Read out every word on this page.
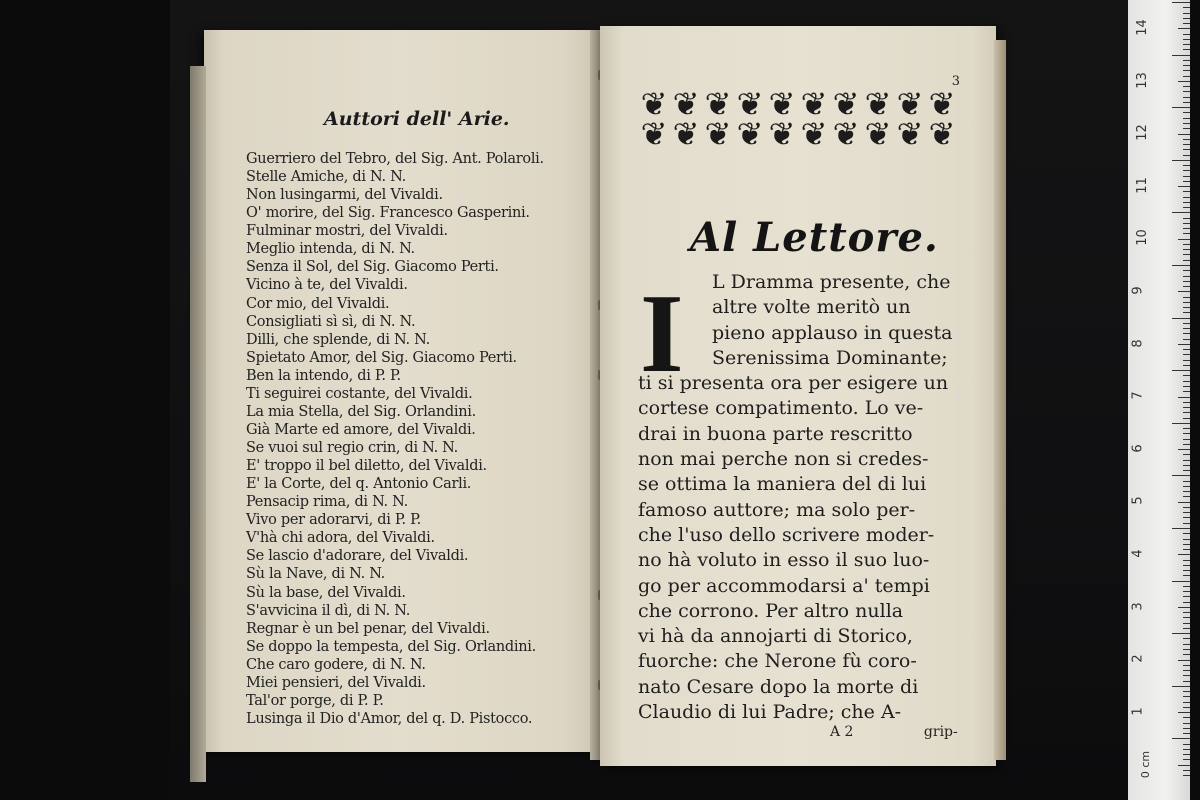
Auttori dell' Arie.
Guerriero del Tebro, del Sig. Ant. Polaroli.
Stelle Amiche, di N. N.
Non lusingarmi, del Vivaldi.
O' morire, del Sig. Francesco Gasperini.
Fulminar mostri, del Vivaldi.
Meglio intenda, di N. N.
Senza il Sol, del Sig. Giacomo Perti.
Vicino à te, del Vivaldi.
Cor mio, del Vivaldi.
Consigliati sì sì, di N. N.
Dilli, che splende, di N. N.
Spietato Amor, del Sig. Giacomo Perti.
Ben la intendo, di P. P.
Ti seguirei costante, del Vivaldi.
La mia Stella, del Sig. Orlandini.
Già Marte ed amore, del Vivaldi.
Se vuoi sul regio crin, di N. N.
E' troppo il bel diletto, del Vivaldi.
E' la Corte, del q. Antonio Carli.
Pensacip rima, di N. N.
Vivo per adorarvi, di P. P.
V'hà chi adora, del Vivaldi.
Se lascio d'adorare, del Vivaldi.
Sù la Nave, di N. N.
Sù la base, del Vivaldi.
S'avvicina il dì, di N. N.
Regnar è un bel penar, del Vivaldi.
Se doppo la tempesta, del Sig. Orlandini.
Che caro godere, di N. N.
Miei pensieri, del Vivaldi.
Tal'or porge, di P. P.
Lusinga il Dio d'Amor, del q. D. Pistocco.
3
❦ ❦ ❦ ❦ ❦ ❦ ❦ ❦ ❦ ❦
❦ ❦ ❦ ❦ ❦ ❦ ❦ ❦ ❦ ❦
Al Lettore.
I	L Dramma presente, che
altre volte meritò un
pieno applauso in questa
Serenissima Dominante;
ti si presenta ora per esigere un
cortese compatimento. Lo ve-
drai in buona parte rescritto
non mai perche non si credes-
se ottima la maniera del di lui
famoso auttore; ma solo per-
che l'uso dello scrivere moder-
no hà voluto in esso il suo luo-
go per accommodarsi a' tempi
che corrono. Per altro nulla
vi hà da annojarti di Storico,
fuorche: che Nerone fù coro-
nato Cesare dopo la morte di
Claudio di lui Padre; che A-
A 2	grip-
0 cm
14
13
12
11
10
9
8
7
6
5
4
3
2
1
